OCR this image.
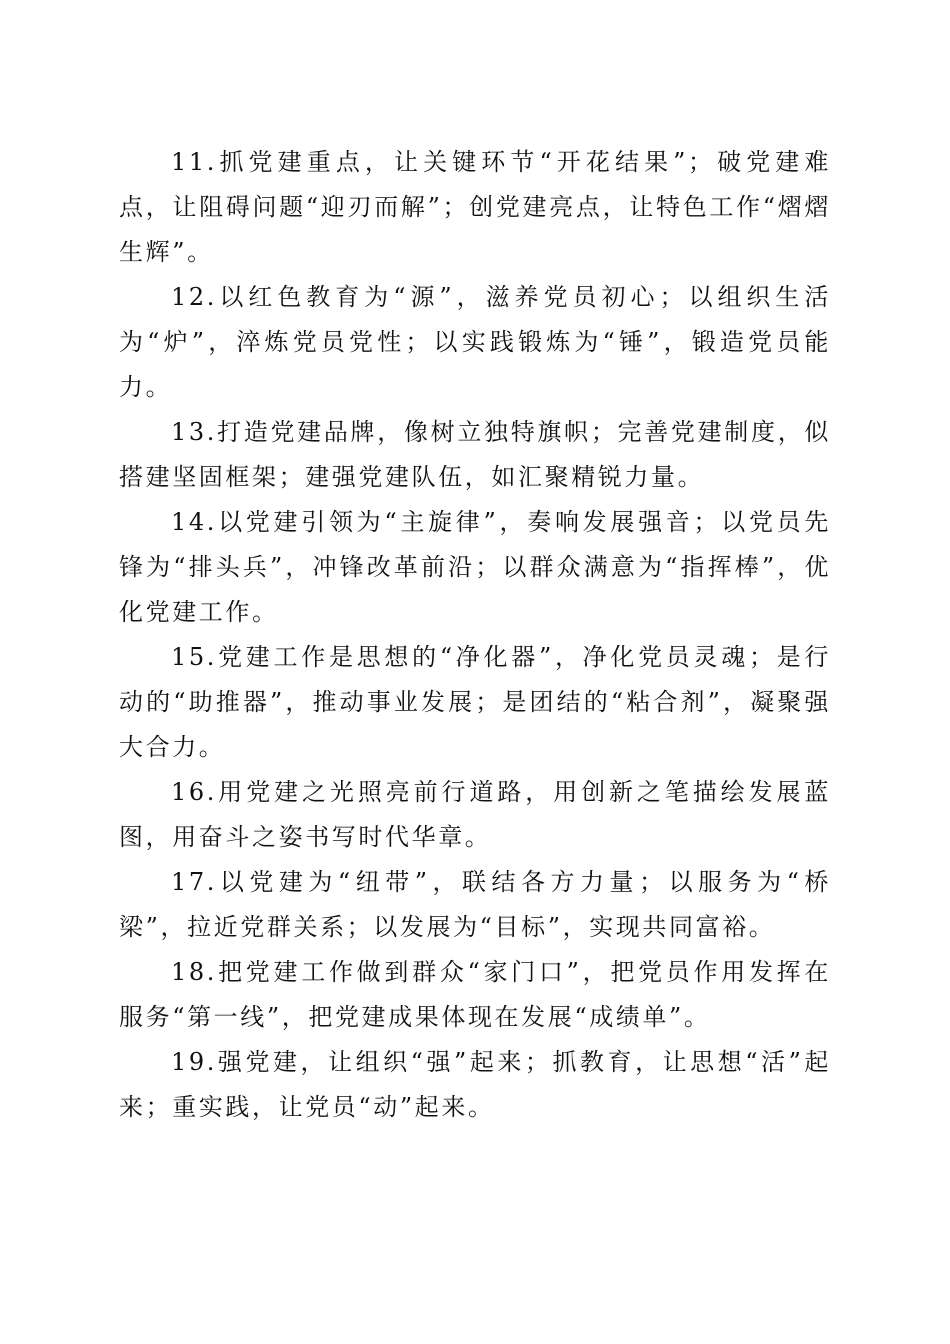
11.抓党建重点，让关键环节“开花结果”；破党建难点，让阻碍问题“迎刃而解”；创党建亮点，让特色工作“熠熠生辉”。

12.以红色教育为“源”，滋养党员初心；以组织生活为“炉”，淬炼党员党性；以实践锻炼为“锤”，锻造党员能力。

13.打造党建品牌，像树立独特旗帜；完善党建制度，似搭建坚固框架；建强党建队伍，如汇聚精锐力量。

14.以党建引领为“主旋律”，奏响发展强音；以党员先锋为“排头兵”，冲锋改革前沿；以群众满意为“指挥棒”，优化党建工作。

15.党建工作是思想的“净化器”，净化党员灵魂；是行动的“助推器”，推动事业发展；是团结的“粘合剂”，凝聚强大合力。

16.用党建之光照亮前行道路，用创新之笔描绘发展蓝图，用奋斗之姿书写时代华章。

17.以党建为“纽带”，联结各方力量；以服务为“桥梁”，拉近党群关系；以发展为“目标”，实现共同富裕。

18.把党建工作做到群众“家门口”，把党员作用发挥在服务“第一线”，把党建成果体现在发展“成绩单”。

19.强党建，让组织“强”起来；抓教育，让思想“活”起来；重实践，让党员“动”起来。
